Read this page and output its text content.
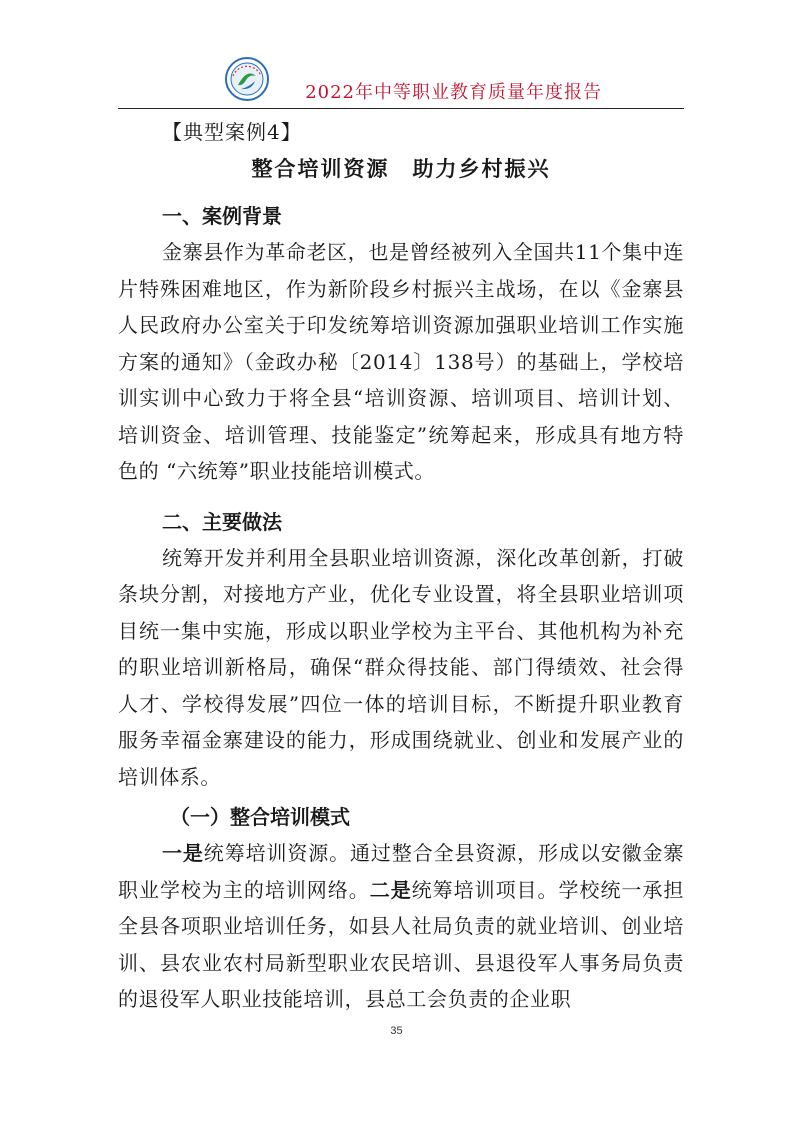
2022年中等职业教育质量年度报告
【典型案例4】
整合培训资源　助力乡村振兴
一、案例背景

金寨县作为革命老区，也是曾经被列入全国共11个集中连片特殊困难地区，作为新阶段乡村振兴主战场，在以《金寨县人民政府办公室关于印发统筹培训资源加强职业培训工作实施方案的通知》（金政办秘〔2014〕138号）的基础上，学校培训实训中心致力于将全县“培训资源、培训项目、培训计划、培训资金、培训管理、技能鉴定”统筹起来，形成具有地方特色的 “六统筹”职业技能培训模式。

二、主要做法

统筹开发并利用全县职业培训资源，深化改革创新，打破条块分割，对接地方产业，优化专业设置，将全县职业培训项目统一集中实施，形成以职业学校为主平台、其他机构为补充的职业培训新格局，确保“群众得技能、部门得绩效、社会得人才、学校得发展”四位一体的培训目标，不断提升职业教育服务幸福金寨建设的能力，形成围绕就业、创业和发展产业的培训体系。

（一）整合培训模式

一是统筹培训资源。通过整合全县资源，形成以安徽金寨职业学校为主的培训网络。二是统筹培训项目。学校统一承担全县各项职业培训任务，如县人社局负责的就业培训、创业培训、县农业农村局新型职业农民培训、县退役军人事务局负责的退役军人职业技能培训，县总工会负责的企业职

35
